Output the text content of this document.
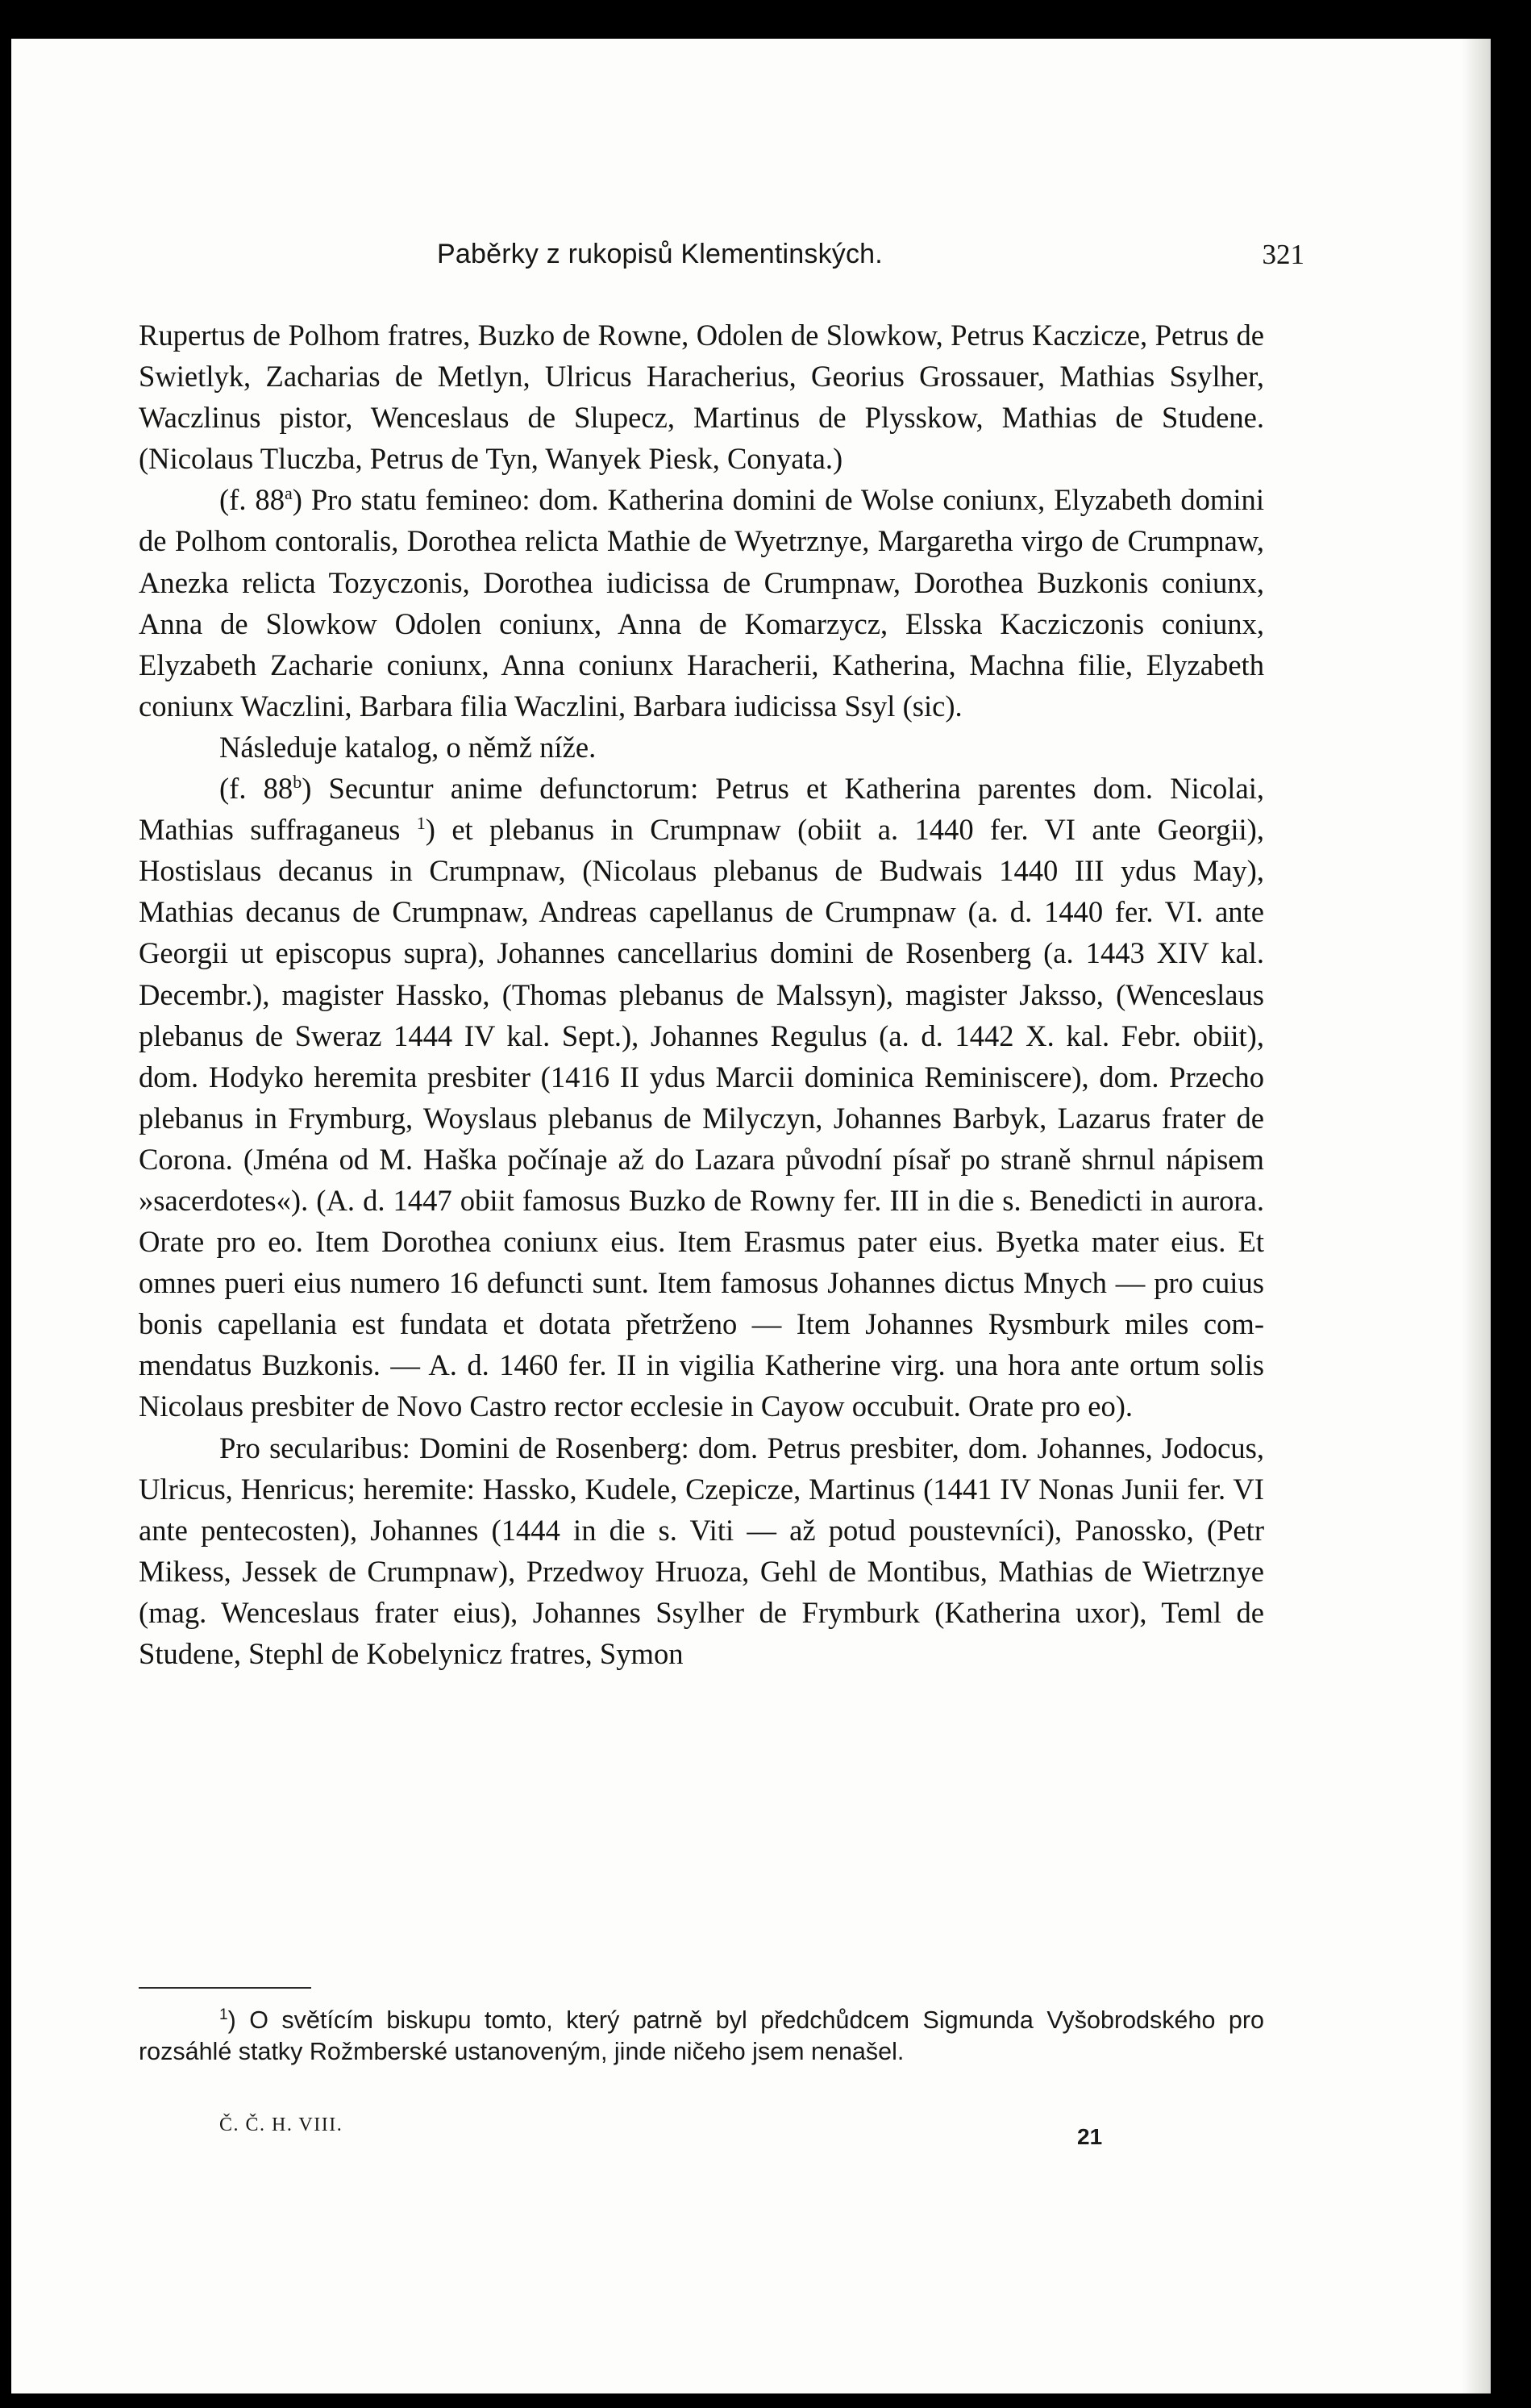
Paběrky z rukopisů Klementinských.	321

Rupertus de Polhom fratres, Buzko de Rowne, Odolen de Slowkow, Petrus Kaczicze, Petrus de Swietlyk, Zacharias de Metlyn, Ulricus Haracherius, Georius Grossauer, Mathias Ssylher, Waczlinus pistor, Wenceslaus de Slupecz, Martinus de Plysskow, Mathias de Studene. (Nicolaus Tluczba, Petrus de Tyn, Wanyek Piesk, Conyata.)

(f. 88$^a$) Pro statu femineo: dom. Katherina domini de Wolse coniunx, Elyzabeth domini de Polhom contoralis, Dorothea relicta Mathie de Wyetrznye, Margaretha virgo de Crumpnaw, Anezka relicta Tozyczonis, Dorothea iudicissa de Crumpnaw, Dorothea Buzkonis coniunx, Anna de Slowkow Odolen coniunx, Anna de Komarzycz, Elsska Kacziczonis coniunx, Elyzabeth Zacharie coniunx, Anna coniunx Haracherii, Katherina, Machna filie, Elyzabeth coniunx Waczlini, Barbara filia Waczlini, Barbara iudicissa Ssyl (sic).

Následuje katalog, o němž níže.

(f. 88$^b$) Secuntur anime defunctorum: Petrus et Katherina parentes dom. Nicolai, Mathias suffraganeus $^1$) et plebanus in Crumpnaw (obiit a. 1440 fer. VI ante Georgii), Hostislaus decanus in Crumpnaw, (Nicolaus plebanus de Budwais 1440 III ydus May), Mathias decanus de Crumpnaw, Andreas capellanus de Crumpnaw (a. d. 1440 fer. VI. ante Georgii ut episcopus supra), Johannes cancellarius domini de Rosenberg (a. 1443 XIV kal. Decembr.), magister Hassko, (Thomas plebanus de Malssyn), magister Jaksso, (Wenceslaus plebanus de Sweraz 1444 IV kal. Sept.), Johannes Regulus (a. d. 1442 X. kal. Febr. obiit), dom. Hodyko heremita presbiter (1416 II ydus Marcii dominica Reminiscere), dom. Przecho plebanus in Frymburg, Woyslaus plebanus de Milyczyn, Johannes Barbyk, Lazarus frater de Corona. (Jména od M. Haška počínaje až do Lazara původní písař po straně shrnul nápisem »sacerdotes«). (A. d. 1447 obiit famosus Buzko de Rowny fer. III in die s. Benedicti in aurora. Orate pro eo. Item Dorothea coniunx eius. Item Erasmus pater eius. Byetka mater eius. Et omnes pueri eius numero 16 defuncti sunt. Item famosus Johannes dictus Mnych — pro cuius bonis capellania est fundata et dotata přetrženo — Item Johannes Rysmburk miles commendatus Buzkonis. — A. d. 1460 fer. II in vigilia Katherine virg. una hora ante ortum solis Nicolaus presbiter de Novo Castro rector ecclesie in Cayow occubuit. Orate pro eo).

Pro secularibus: Domini de Rosenberg: dom. Petrus presbiter, dom. Johannes, Jodocus, Ulricus, Henricus; heremite: Hassko, Kudele, Czepicze, Martinus (1441 IV Nonas Junii fer. VI ante pentecosten), Johannes (1444 in die s. Viti — až potud poustevníci), Panossko, (Petr Mikess, Jessek de Crumpnaw), Przedwoy Hruoza, Gehl de Montibus, Mathias de Wietrznye (mag. Wenceslaus frater eius), Johannes Ssylher de Frymburk (Katherina uxor), Teml de Studene, Stephl de Kobelynicz fratres, Symon

$^1$) O světícím biskupu tomto, který patrně byl předchůdcem Sigmunda Vyšobrodského pro rozsáhlé statky Rožmberské ustanoveným, jinde ničeho jsem nenašel.
Č. Č. H. VIII.	21
